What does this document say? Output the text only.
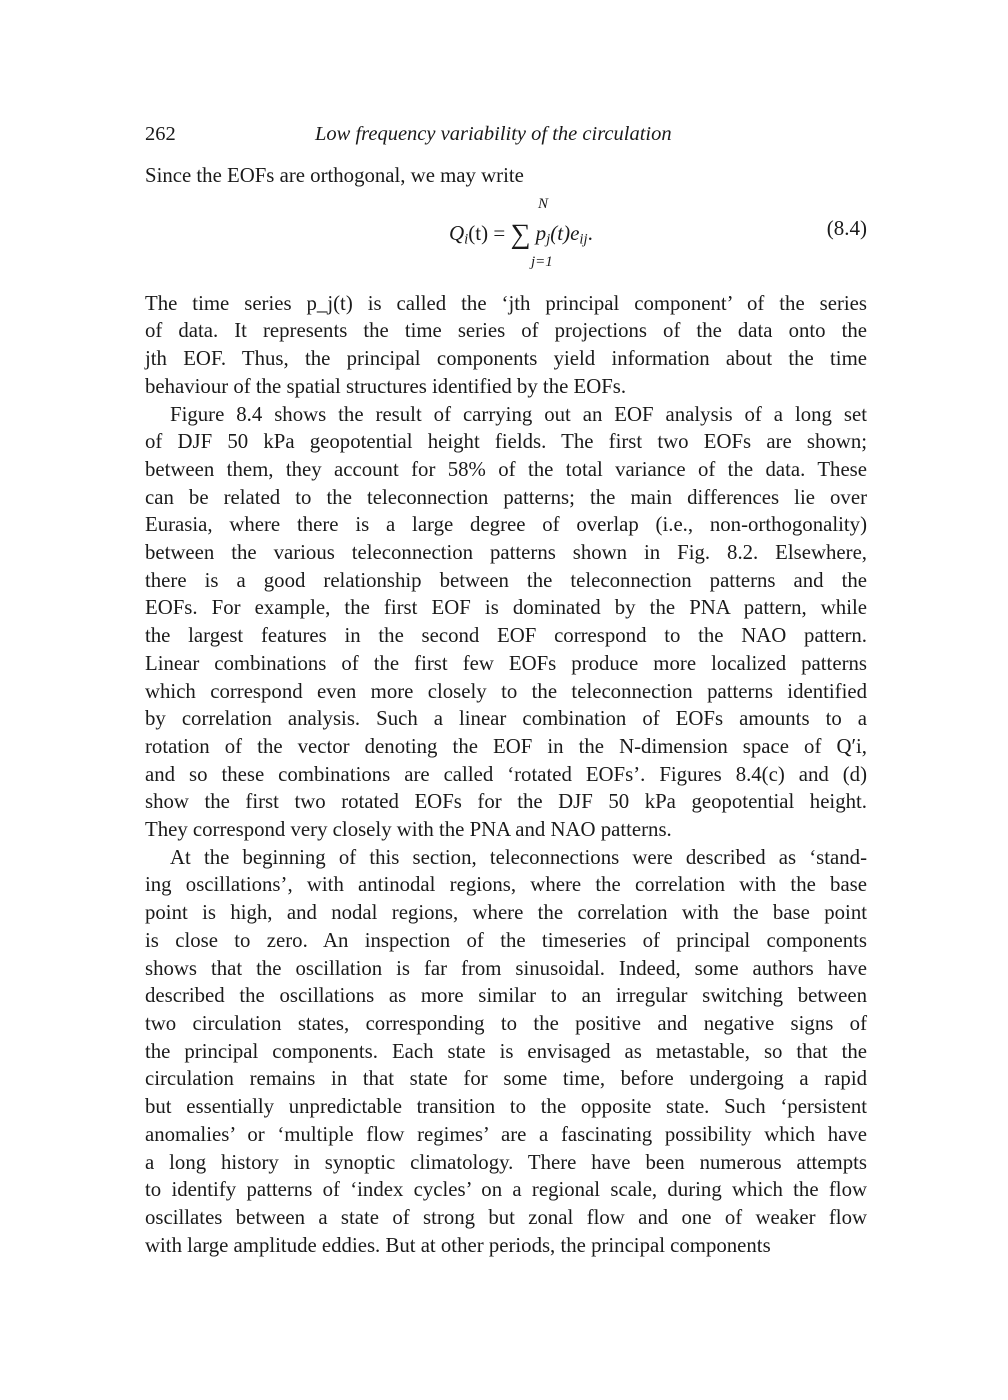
262	Low frequency variability of the circulation

Since the EOFs are orthogonal, we may write

N
$Q_i(t)$ = ∑ $p_j(t)e_{ij}$.
j=1
(8.4)
The time series p_j(t) is called the ‘jth principal component’ of the series
of data. It represents the time series of projections of the data onto the
jth EOF. Thus, the principal components yield information about the time
behaviour of the spatial structures identified by the EOFs.
Figure 8.4 shows the result of carrying out an EOF analysis of a long set
of DJF 50 kPa geopotential height fields. The first two EOFs are shown;
between them, they account for 58% of the total variance of the data. These
can be related to the teleconnection patterns; the main differences lie over
Eurasia, where there is a large degree of overlap (i.e., non-orthogonality)
between the various teleconnection patterns shown in Fig. 8.2. Elsewhere,
there is a good relationship between the teleconnection patterns and the
EOFs. For example, the first EOF is dominated by the PNA pattern, while
the largest features in the second EOF correspond to the NAO pattern.
Linear combinations of the first few EOFs produce more localized patterns
which correspond even more closely to the teleconnection patterns identified
by correlation analysis. Such a linear combination of EOFs amounts to a
rotation of the vector denoting the EOF in the N-dimension space of Q′i,
and so these combinations are called ‘rotated EOFs’. Figures 8.4(c) and (d)
show the first two rotated EOFs for the DJF 50 kPa geopotential height.
They correspond very closely with the PNA and NAO patterns.
At the beginning of this section, teleconnections were described as ‘stand-
ing oscillations’, with antinodal regions, where the correlation with the base
point is high, and nodal regions, where the correlation with the base point
is close to zero. An inspection of the timeseries of principal components
shows that the oscillation is far from sinusoidal. Indeed, some authors have
described the oscillations as more similar to an irregular switching between
two circulation states, corresponding to the positive and negative signs of
the principal components. Each state is envisaged as metastable, so that the
circulation remains in that state for some time, before undergoing a rapid
but essentially unpredictable transition to the opposite state. Such ‘persistent
anomalies’ or ‘multiple flow regimes’ are a fascinating possibility which have
a long history in synoptic climatology. There have been numerous attempts
to identify patterns of ‘index cycles’ on a regional scale, during which the flow
oscillates between a state of strong but zonal flow and one of weaker flow
with large amplitude eddies. But at other periods, the principal components
